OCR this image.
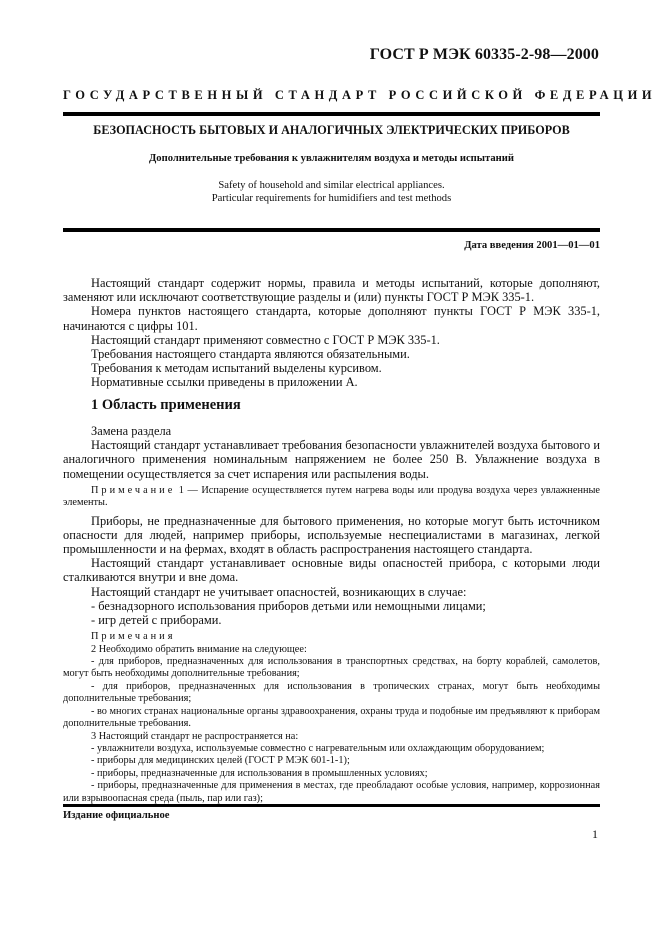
ГОСТ Р МЭК 60335-2-98—2000
ГОСУДАРСТВЕННЫЙ СТАНДАРТ РОССИЙСКОЙ ФЕДЕРАЦИИ
БЕЗОПАСНОСТЬ БЫТОВЫХ И АНАЛОГИЧНЫХ ЭЛЕКТРИЧЕСКИХ ПРИБОРОВ
Дополнительные требования к увлажнителям воздуха и методы испытаний
Safety of household and similar electrical appliances.
Particular requirements for humidifiers and test methods
Дата введения 2001—01—01

Настоящий стандарт содержит нормы, правила и методы испытаний, которые дополняют, заменяют или исключают соответствующие разделы и (или) пункты ГОСТ Р МЭК 335-1.

Номера пунктов настоящего стандарта, которые дополняют пункты ГОСТ Р МЭК 335-1, начинаются с цифры 101.

Настоящий стандарт применяют совместно с ГОСТ Р МЭК 335-1.

Требования настоящего стандарта являются обязательными.

Требования к методам испытаний выделены курсивом.

Нормативные ссылки приведены в приложении А.

1 Область применения

Замена раздела

Настоящий стандарт устанавливает требования безопасности увлажнителей воздуха бытового и аналогичного применения номинальным напряжением не более 250 В. Увлажнение воздуха в помещении осуществляется за счет испарения или распыления воды.

Примечание 1 — Испарение осуществляется путем нагрева воды или продува воздуха через увлажненные элементы.

Приборы, не предназначенные для бытового применения, но которые могут быть источником опасности для людей, например приборы, используемые неспециалистами в магазинах, легкой промышленности и на фермах, входят в область распространения настоящего стандарта.

Настоящий стандарт устанавливает основные виды опасностей прибора, с которыми люди сталкиваются внутри и вне дома.

Настоящий стандарт не учитывает опасностей, возникающих в случае:

- безнадзорного использования приборов детьми или немощными лицами;

- игр детей с приборами.

Примечания

2 Необходимо обратить внимание на следующее:

- для приборов, предназначенных для использования в транспортных средствах, на борту кораблей, самолетов, могут быть необходимы дополнительные требования;

- для приборов, предназначенных для использования в тропических странах, могут быть необходимы дополнительные требования;

- во многих странах национальные органы здравоохранения, охраны труда и подобные им предъявляют к приборам дополнительные требования.

3 Настоящий стандарт не распространяется на:

- увлажнители воздуха, используемые совместно с нагревательным или охлаждающим оборудованием;

- приборы для медицинских целей (ГОСТ Р МЭК 601-1-1);

- приборы, предназначенные для использования в промышленных условиях;

- приборы, предназначенные для применения в местах, где преобладают особые условия, например, коррозионная или взрывоопасная среда (пыль, пар или газ);

Издание официальное
1
